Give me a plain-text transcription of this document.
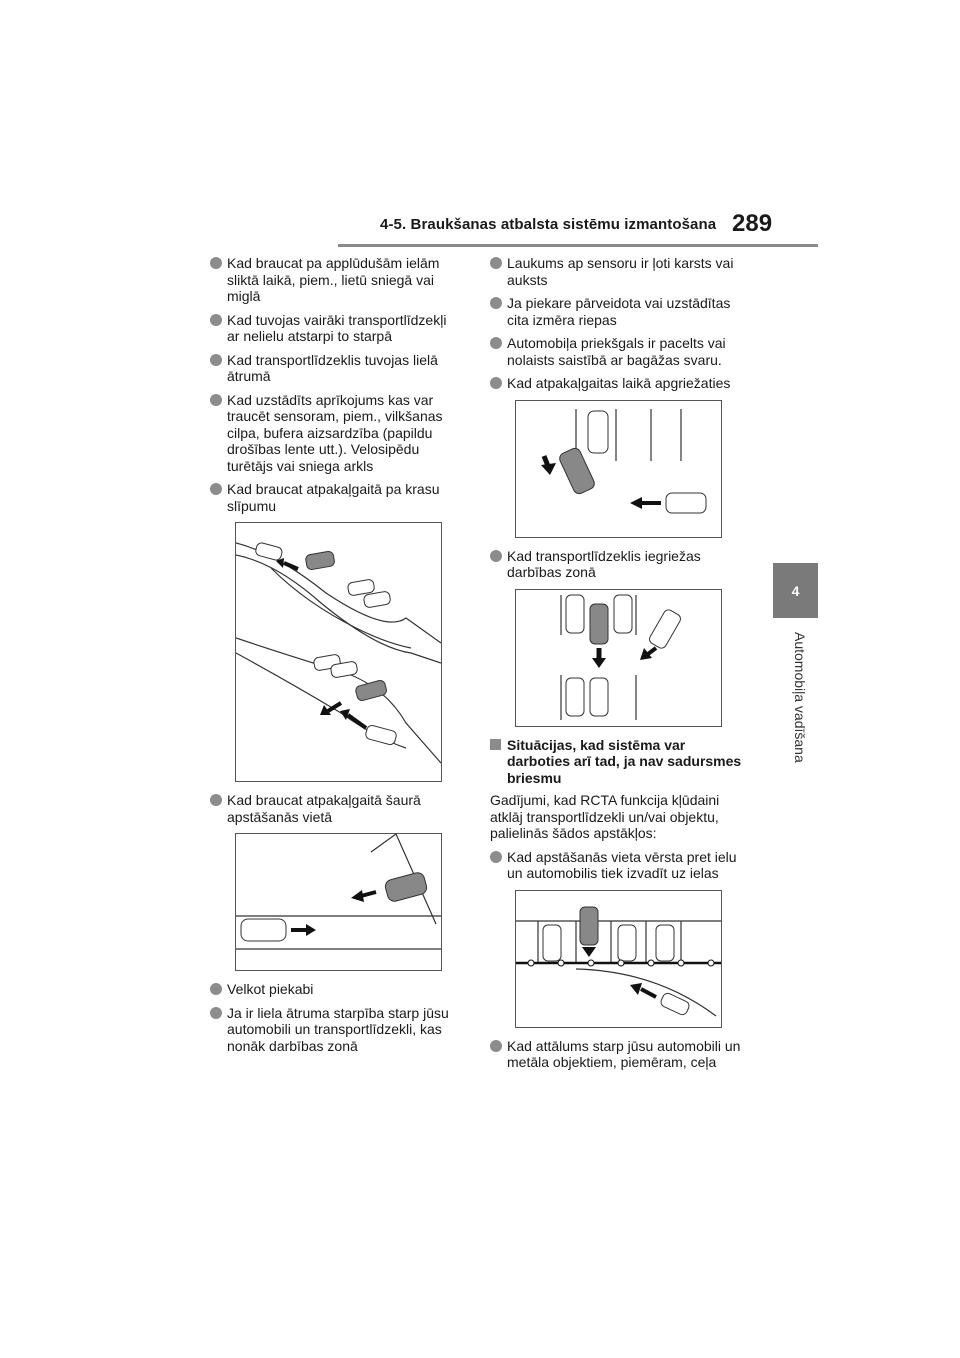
4-5. Braukšanas atbalsta sistēmu izmantošana 289
4
Automobiļa vadīšana
Kad braucat pa applūdušām ielām sliktā laikā, piem., lietū sniegā vai miglā
Kad tuvojas vairāki transportlīdzekļi ar nelielu atstarpi to starpā
Kad transportlīdzeklis tuvojas lielā ātrumā
Kad uzstādīts aprīkojums kas var traucēt sensoram, piem., vilkšanas cilpa, bufera aizsardzība (papildu drošības lente utt.). Velosipēdu turētājs vai sniega arkls
Kad braucat atpakaļgaitā pa krasu slīpumu
Kad braucat atpakaļgaitā šaurā apstāšanās vietā
Velkot piekabi
Ja ir liela ātruma starpība starp jūsu automobili un transportlīdzekli, kas nonāk darbības zonā
Laukums ap sensoru ir ļoti karsts vai auksts
Ja piekare pārveidota vai uzstādītas cita izmēra riepas
Automobiļa priekšgals ir pacelts vai nolaists saistībā ar bagāžas svaru.
Kad atpakaļgaitas laikā apgriežaties
Kad transportlīdzeklis iegriežas darbības zonā
Situācijas, kad sistēma var darboties arī tad, ja nav sadursmes briesmu
Gadījumi, kad RCTA funkcija kļūdaini atklāj transportlīdzekli un/vai objektu, palielinās šādos apstākļos:
Kad apstāšanās vieta vērsta pret ielu un automobilis tiek izvadīt uz ielas
Kad attālums starp jūsu automobili un metāla objektiem, piemēram, ceļa
